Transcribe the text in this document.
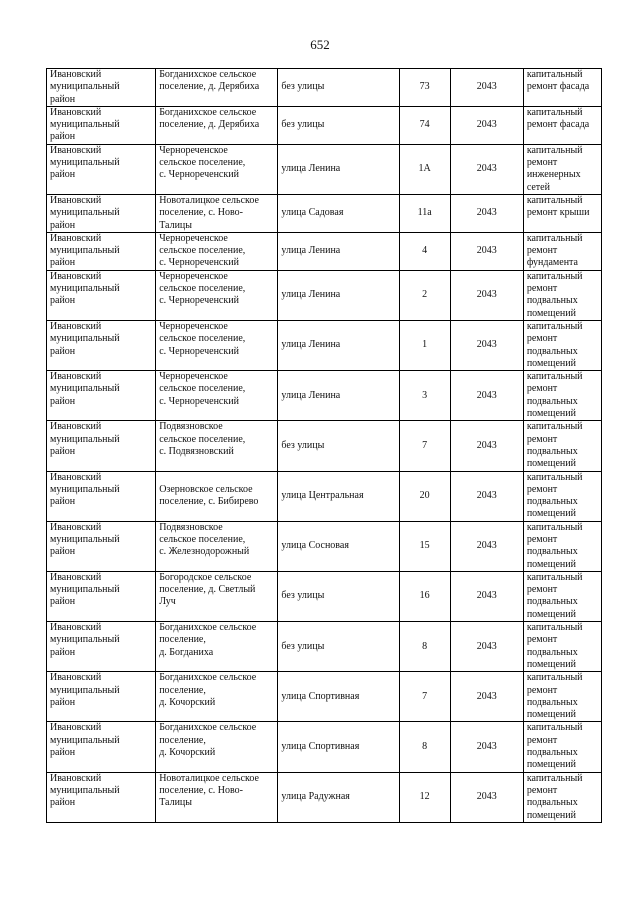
652
Ивановский
муниципальный
район	Богданихское сельское
поселение, д. Дерябиха	без улицы	73	2043	капитальный
ремонт фасада

Ивановский
муниципальный
район	Богданихское сельское
поселение, д. Дерябиха	без улицы	74	2043	капитальный
ремонт фасада

Ивановский
муниципальный
район	Чернореченское
сельское поселение,
с. Чернореченский	улица Ленина	1А	2043	капитальный
ремонт
инженерных
сетей

Ивановский
муниципальный
район	Новоталицкое сельское
поселение, с. Ново-
Талицы	улица Садовая	11а	2043	капитальный
ремонт крыши

Ивановский
муниципальный
район	Чернореченское
сельское поселение,
с. Чернореченский	улица Ленина	4	2043	капитальный
ремонт
фундамента

Ивановский
муниципальный
район	Чернореченское
сельское поселение,
с. Чернореченский	улица Ленина	2	2043	капитальный
ремонт
подвальных
помещений

Ивановский
муниципальный
район	Чернореченское
сельское поселение,
с. Чернореченский	улица Ленина	1	2043	капитальный
ремонт
подвальных
помещений

Ивановский
муниципальный
район	Чернореченское
сельское поселение,
с. Чернореченский	улица Ленина	3	2043	капитальный
ремонт
подвальных
помещений

Ивановский
муниципальный
район	Подвязновское
сельское поселение,
с. Подвязновский	без улицы	7	2043	капитальный
ремонт
подвальных
помещений

Ивановский
муниципальный
район	Озерновское сельское
поселение, с. Бибирево	улица Центральная	20	2043	капитальный
ремонт
подвальных
помещений

Ивановский
муниципальный
район	Подвязновское
сельское поселение,
с. Железнодорожный	улица Сосновая	15	2043	капитальный
ремонт
подвальных
помещений

Ивановский
муниципальный
район	Богородское сельское
поселение, д. Светлый
Луч	без улицы	16	2043	капитальный
ремонт
подвальных
помещений

Ивановский
муниципальный
район	Богданихское сельское
поселение,
д. Богданиха	без улицы	8	2043	капитальный
ремонт
подвальных
помещений

Ивановский
муниципальный
район	Богданихское сельское
поселение,
д. Кочорский	улица Спортивная	7	2043	капитальный
ремонт
подвальных
помещений

Ивановский
муниципальный
район	Богданихское сельское
поселение,
д. Кочорский	улица Спортивная	8	2043	капитальный
ремонт
подвальных
помещений

Ивановский
муниципальный
район	Новоталицкое сельское
поселение, с. Ново-
Талицы	улица Радужная	12	2043	капитальный
ремонт
подвальных
помещений
